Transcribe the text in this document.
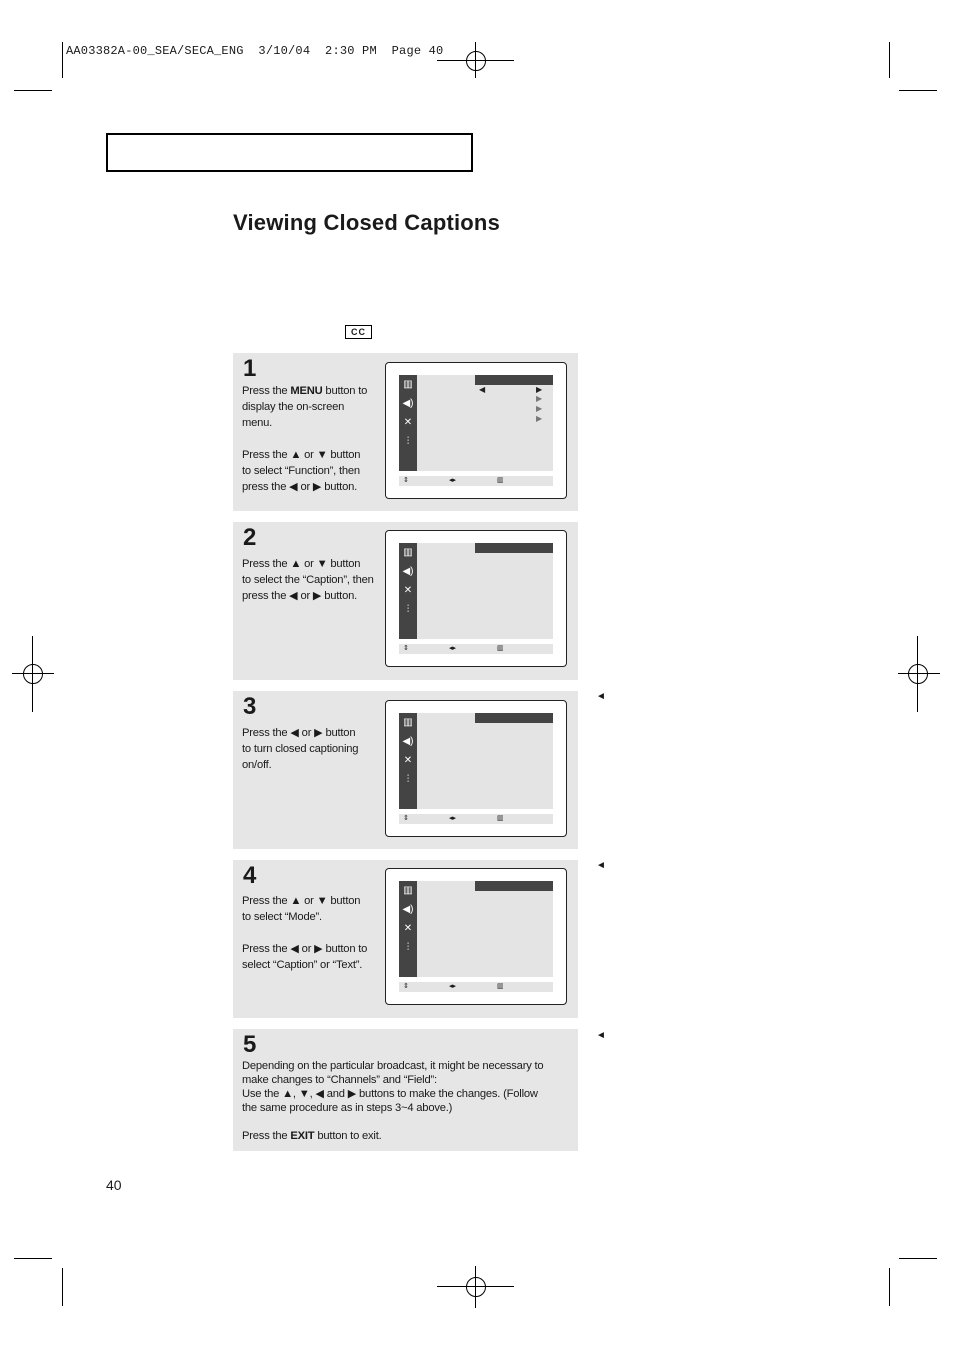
AA03382A-00_SEA/SECA_ENG  3/10/04  2:30 PM  Page 40
Viewing Closed Captions
CC
1
Press the MENU button to
display the on-screen
menu.
Press the ▲ or ▼ button
to select “Function”, then
press the ◀ or ▶ button.
▥
◀)
✕
⫶
◀	▶
▶
▶
▶
⇕	◂▸	▥
2
Press the ▲ or ▼ button
to select the “Caption”, then
press the ◀ or ▶ button.
▥
◀)
✕
⫶
⇕	◂▸	▥
3
Press the ◀ or ▶ button
to turn closed captioning
on/off.
▥
◀)
✕
⫶
⇕	◂▸	▥
4
Press the ▲ or ▼ button
to select “Mode”.
Press the ◀ or ▶ button to
select “Caption” or “Text”.
▥
◀)
✕
⫶
⇕	◂▸	▥
5
Depending on the particular broadcast, it might be necessary to
make changes to “Channels” and “Field”:
Use the ▲, ▼, ◀ and ▶ buttons to make the changes. (Follow
the same procedure as in steps 3~4 above.)
Press the EXIT button to exit.
◄
◄
◄
40
